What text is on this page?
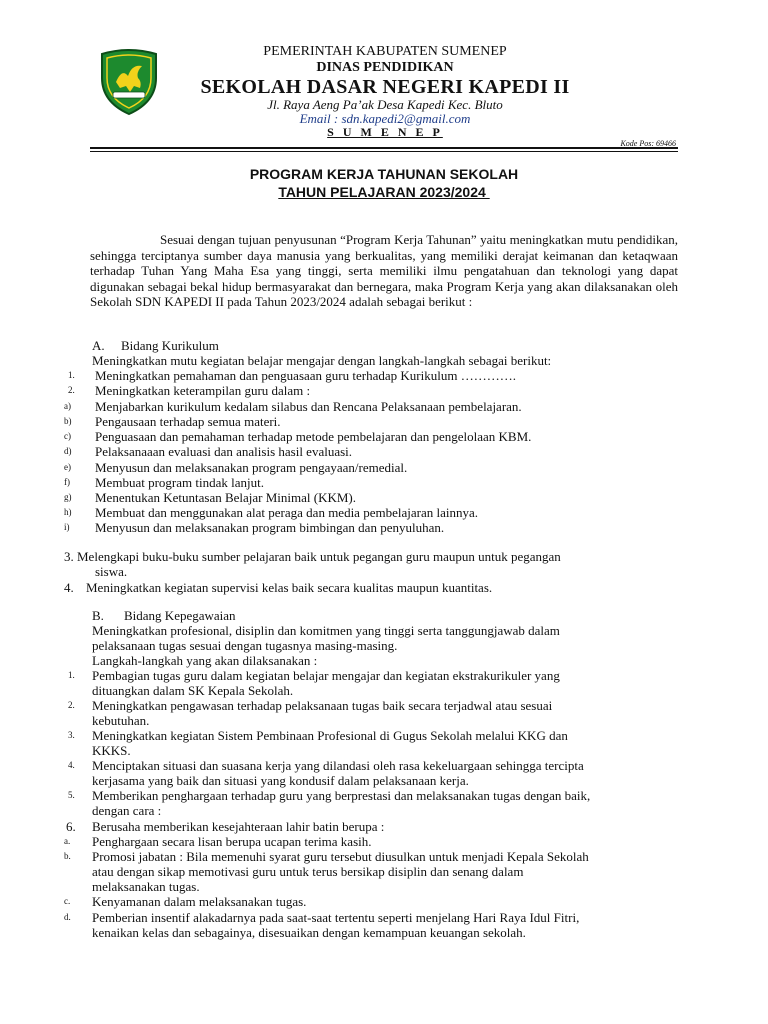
PEMERINTAH KABUPATEN SUMENEP
DINAS PENDIDIKAN
SEKOLAH DASAR NEGERI KAPEDI II
Jl. Raya Aeng Pa’ak Desa Kapedi Kec. Bluto
Email : sdn.kapedi2@gmail.com
S U M E N E P
Kode Pos: 69466
PROGRAM KERJA TAHUNAN SEKOLAH
TAHUN PELAJARAN 2023/2024
Sesuai dengan tujuan penyusunan “Program Kerja Tahunan” yaitu meningkatkan mutu pendidikan, sehingga terciptanya sumber daya manusia yang berkualitas, yang memiliki derajat keimanan dan ketaqwaan terhadap Tuhan Yang Maha Esa yang tinggi, serta memiliki ilmu pengatahuan dan teknologi yang dapat digunakan sebagai bekal hidup bermasyarakat dan bernegara, maka Program Kerja yang akan dilaksanakan oleh Sekolah SDN KAPEDI II pada Tahun 2023/2024 adalah sebagai berikut :
A. Bidang Kurikulum
Meningkatkan mutu kegiatan belajar mengajar dengan langkah-langkah sebagai berikut:
1. Meningkatkan pemahaman dan penguasaan guru terhadap Kurikulum ………….
2. Meningkatkan keterampilan guru dalam :
a) Menjabarkan kurikulum kedalam silabus dan Rencana Pelaksanaan pembelajaran.
b) Pengausaan terhadap semua materi.
c) Penguasaan dan pemahaman terhadap metode pembelajaran dan pengelolaan KBM.
d) Pelaksanaaan evaluasi dan analisis hasil evaluasi.
e) Menyusun dan melaksanakan program pengayaan/remedial.
f) Membuat program tindak lanjut.
g) Menentukan Ketuntasan Belajar Minimal (KKM).
h) Membuat dan menggunakan alat peraga dan media pembelajaran lainnya.
i) Menyusun dan melaksanakan program bimbingan dan penyuluhan.
3. Melengkapi buku-buku sumber pelajaran baik untuk pegangan guru maupun untuk pegangan
siswa.
4. Meningkatkan kegiatan supervisi kelas baik secara kualitas maupun kuantitas.
B. Bidang Kepegawaian
Meningkatkan profesional, disiplin dan komitmen yang tinggi serta tanggungjawab dalam
pelaksanaan tugas sesuai dengan tugasnya masing-masing.
Langkah-langkah yang akan dilaksanakan :
1. Pembagian tugas guru dalam kegiatan belajar mengajar dan kegiatan ekstrakurikuler yang
dituangkan dalam SK Kepala Sekolah.
2. Meningkatkan pengawasan terhadap pelaksanaan tugas baik secara terjadwal atau sesuai
kebutuhan.
3. Meningkatkan kegiatan Sistem Pembinaan Profesional di Gugus Sekolah melalui KKG dan
KKKS.
4. Menciptakan situasi dan suasana kerja yang dilandasi oleh rasa kekeluargaan sehingga tercipta
kerjasama yang baik dan situasi yang kondusif dalam pelaksanaan kerja.
5. Memberikan penghargaan terhadap guru yang berprestasi dan melaksanakan tugas dengan baik,
dengan cara :
6. Berusaha memberikan kesejahteraan lahir batin berupa :
a. Penghargaan secara lisan berupa ucapan terima kasih.
b. Promosi jabatan : Bila memenuhi syarat guru tersebut diusulkan untuk menjadi Kepala Sekolah
atau dengan sikap memotivasi guru untuk terus bersikap disiplin dan senang dalam
melaksanakan tugas.
c. Kenyamanan dalam melaksanakan tugas.
d. Pemberian insentif alakadarnya pada saat-saat tertentu seperti menjelang Hari Raya Idul Fitri,
kenaikan kelas dan sebagainya, disesuaikan dengan kemampuan keuangan sekolah.
